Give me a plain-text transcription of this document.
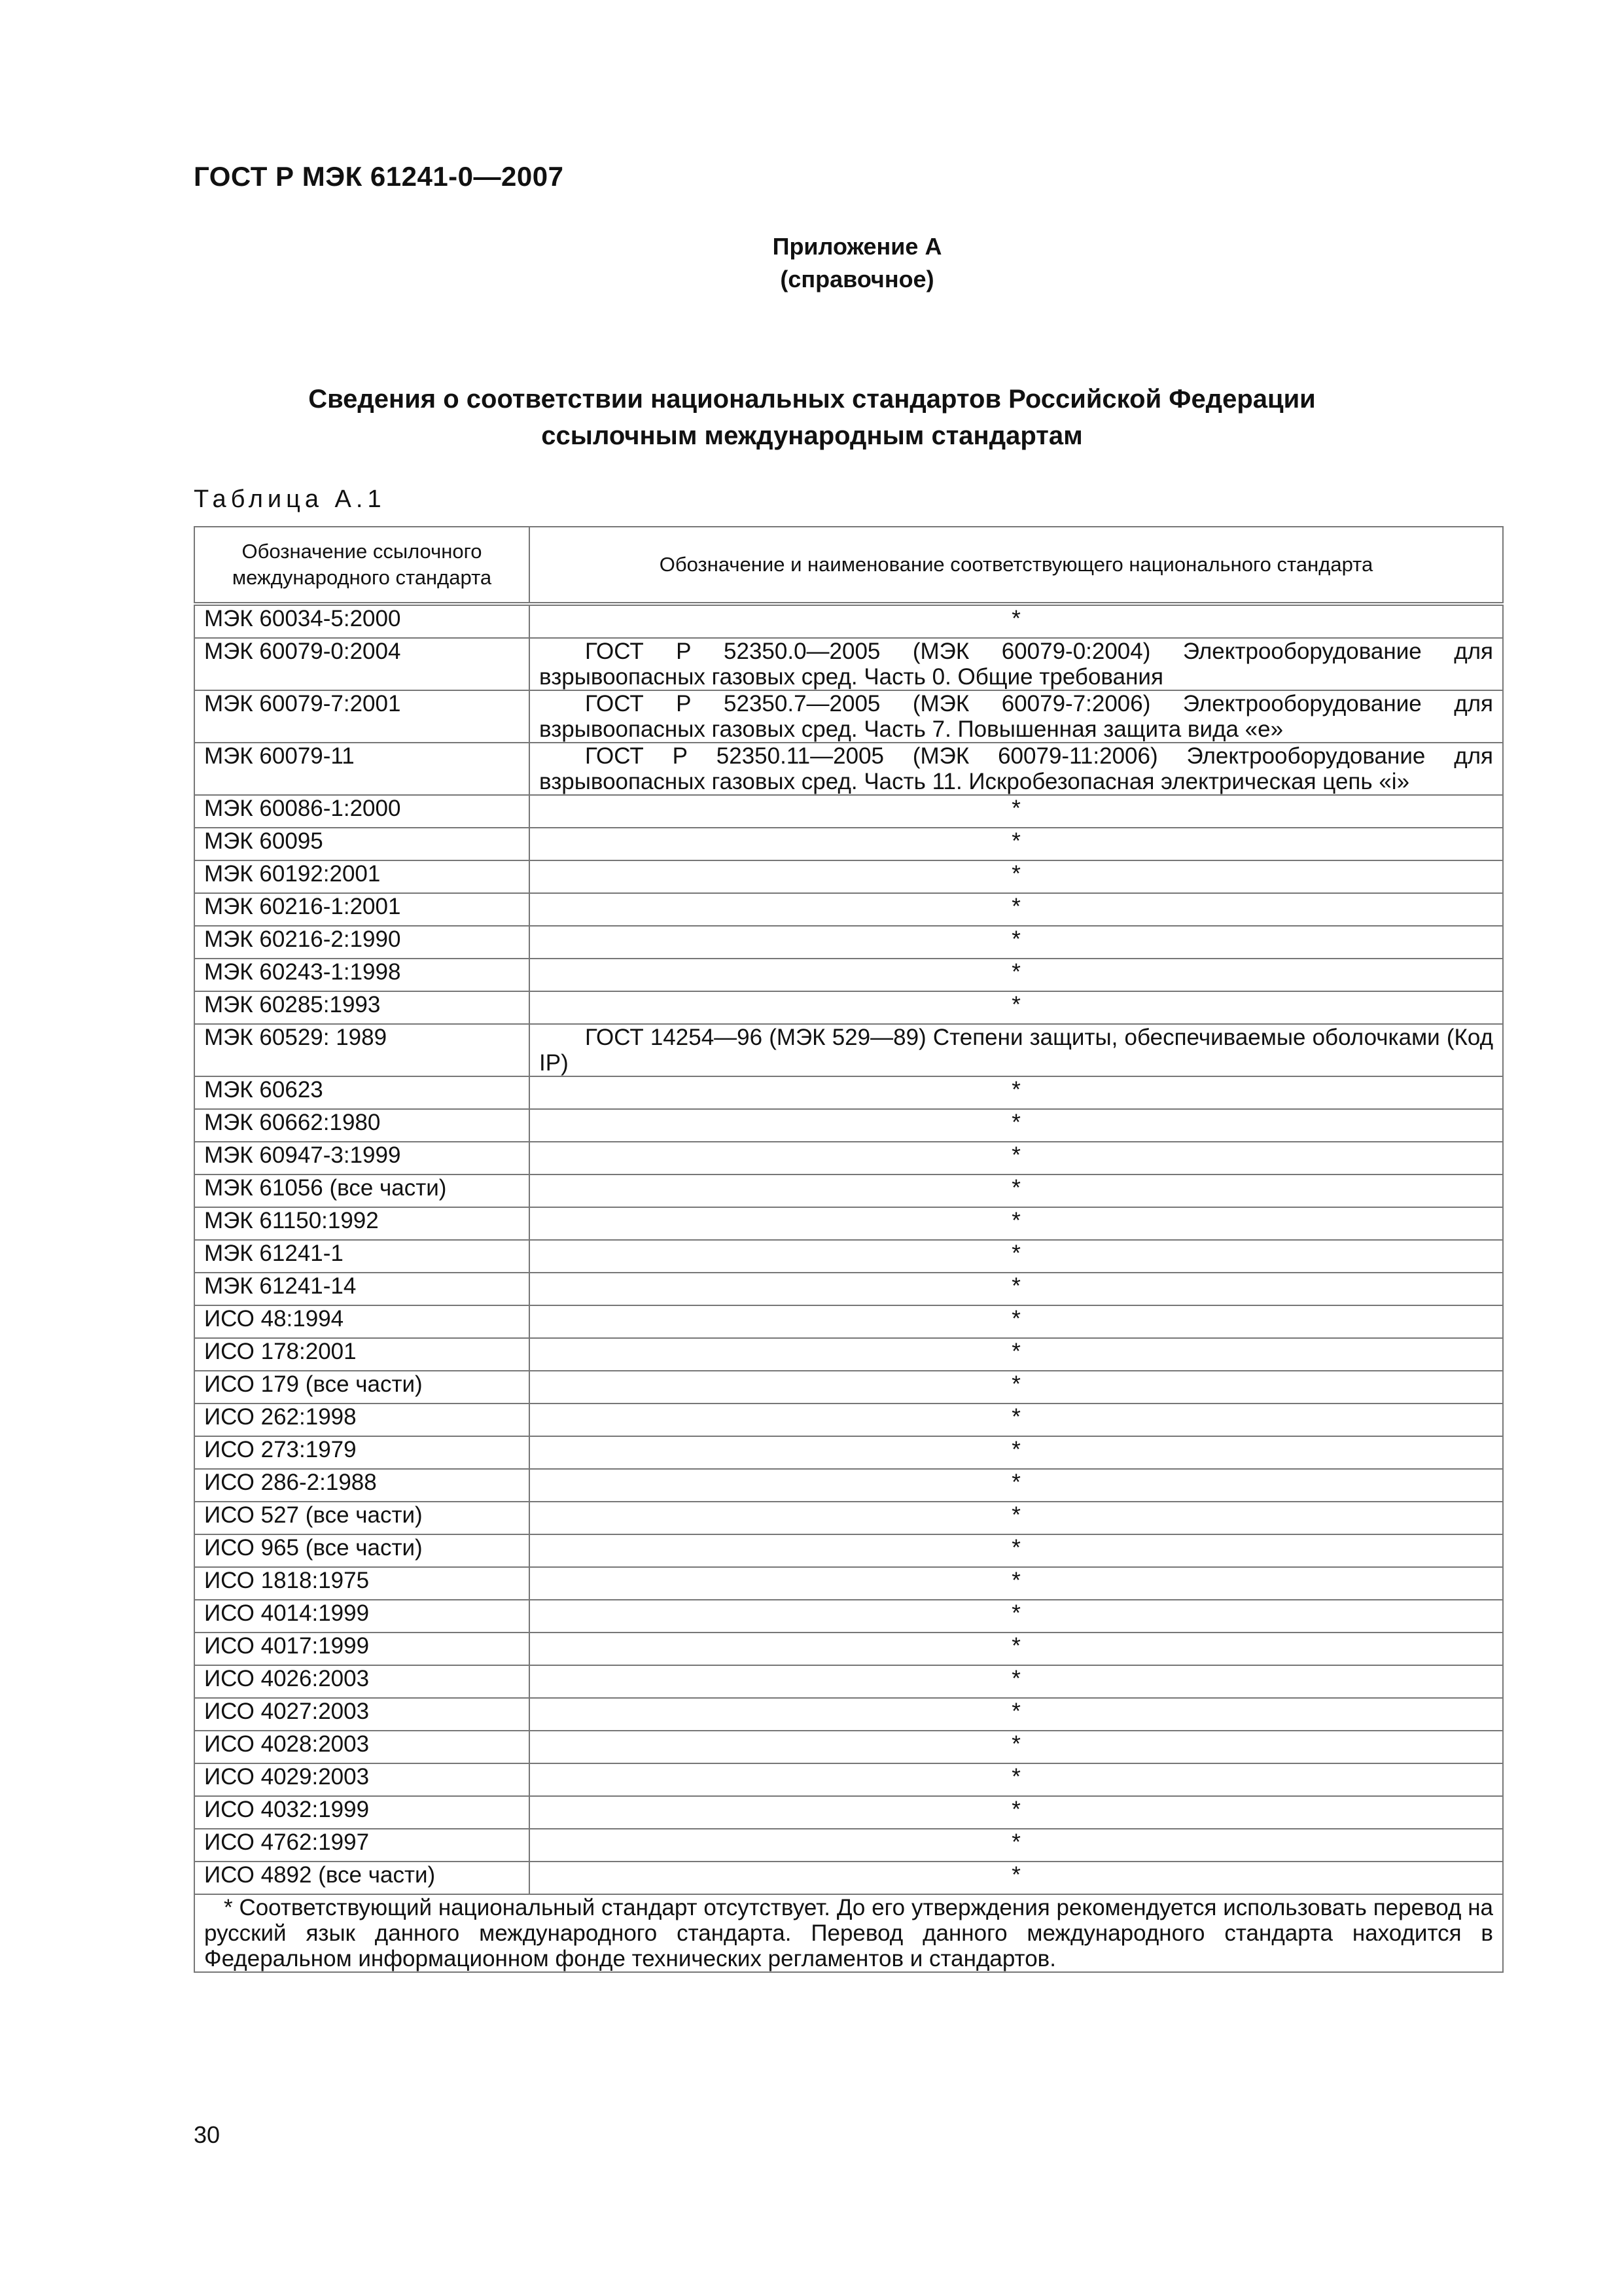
ГОСТ Р МЭК 61241-0—2007
Приложение А
(справочное)
Сведения о соответствии национальных стандартов Российской Федерации
ссылочным международным стандартам
Таблица А.1
Обозначение ссылочного международного стандарта	Обозначение и наименование соответствующего национального стандарта
МЭК 60034-5:2000	*
МЭК 60079-0:2004	ГОСТ Р 52350.0—2005 (МЭК 60079-0:2004) Электрооборудование для взрывоопасных газовых сред. Часть 0. Общие требования
МЭК 60079-7:2001	ГОСТ Р 52350.7—2005 (МЭК 60079-7:2006) Электрооборудование для взрывоопасных газовых сред. Часть 7. Повышенная защита вида «е»
МЭК 60079-11	ГОСТ Р 52350.11—2005 (МЭК 60079-11:2006) Электрооборудование для взрывоопасных газовых сред. Часть 11. Искробезопасная электрическая цепь «i»
МЭК 60086-1:2000	*
МЭК 60095	*
МЭК 60192:2001	*
МЭК 60216-1:2001	*
МЭК 60216-2:1990	*
МЭК 60243-1:1998	*
МЭК 60285:1993	*
МЭК 60529: 1989	ГОСТ 14254—96 (МЭК 529—89) Степени защиты, обеспечиваемые оболочками (Код IP)
МЭК 60623	*
МЭК 60662:1980	*
МЭК 60947-3:1999	*
МЭК 61056 (все части)	*
МЭК 61150:1992	*
МЭК 61241-1	*
МЭК 61241-14	*
ИСО 48:1994	*
ИСО 178:2001	*
ИСО 179 (все части)	*
ИСО 262:1998	*
ИСО 273:1979	*
ИСО 286-2:1988	*
ИСО 527 (все части)	*
ИСО 965 (все части)	*
ИСО 1818:1975	*
ИСО 4014:1999	*
ИСО 4017:1999	*
ИСО 4026:2003	*
ИСО 4027:2003	*
ИСО 4028:2003	*
ИСО 4029:2003	*
ИСО 4032:1999	*
ИСО 4762:1997	*
ИСО 4892 (все части)	*
* Соответствующий национальный стандарт отсутствует. До его утверждения рекомендуется использовать перевод на русский язык данного международного стандарта. Перевод данного международного стандарта находится в Федеральном информационном фонде технических регламентов и стандартов.	
30
